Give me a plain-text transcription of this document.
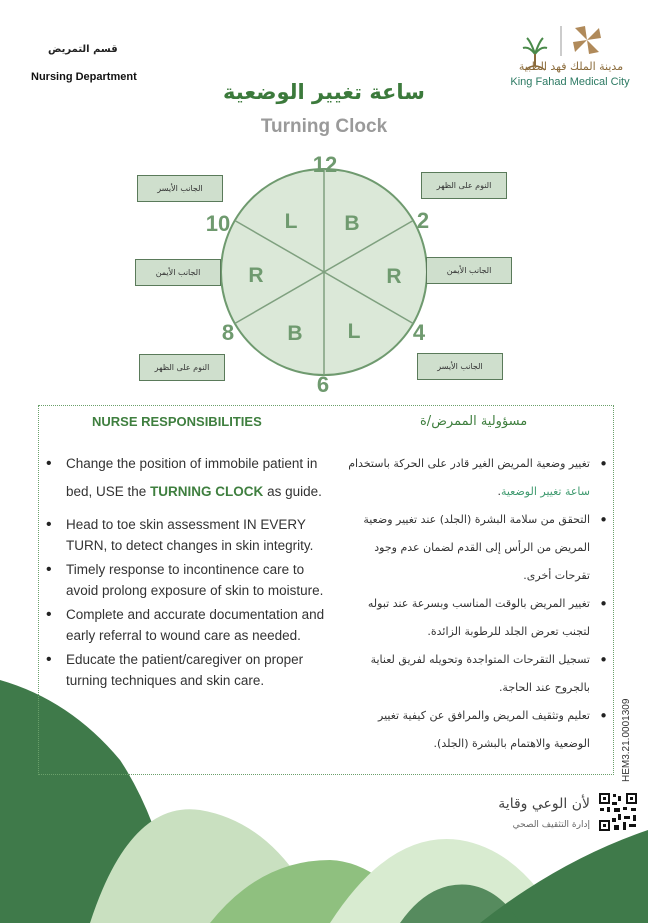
قسم التمريض
Nursing Department
مدينة الملك فهد الطبية
King Fahad Medical City
ساعة تغيير الوضعية
Turning Clock
12
2
4
6
8
10	B
R
L
B
R
L
الجانب الأيسر	النوم على الظهر
الجانب الأيمن	الجانب الأيمن
النوم على الظهر	الجانب الأيسر
NURSE RESPONSIBILITIES	مسؤولية الممرض/ة
• Change the position of immobile patient in bed, USE the TURNING CLOCK as guide.
• Head to toe skin assessment IN EVERY TURN, to detect changes in skin integrity.
• Timely response to incontinence care to avoid prolong exposure of skin to moisture.
• Complete and accurate documentation and early referral to wound care as needed.
• Educate the patient/caregiver on proper turning techniques and skin care.
• تغيير وضعية المريض الغير قادر على الحركة باستخدام ساعة تغيير الوضعية.
• التحقق من سلامة البشرة (الجلد) عند تغيير وضعية المريض من الرأس إلى القدم لضمان عدم وجود تقرحات أخرى.
• تغيير المريض بالوقت المناسب وبسرعة عند تبوله لتجنب تعرض الجلد للرطوبة الزائدة.
• تسجيل التقرحات المتواجدة وتحويله لفريق لعناية بالجروح عند الحاجة.
• تعليم وتثقيف المريض والمرافق عن كيفية تغيير الوضعية والاهتمام بالبشرة (الجلد).	HEM3.21.0001309
لأن الوعي وقاية
إدارة التثقيف الصحي
